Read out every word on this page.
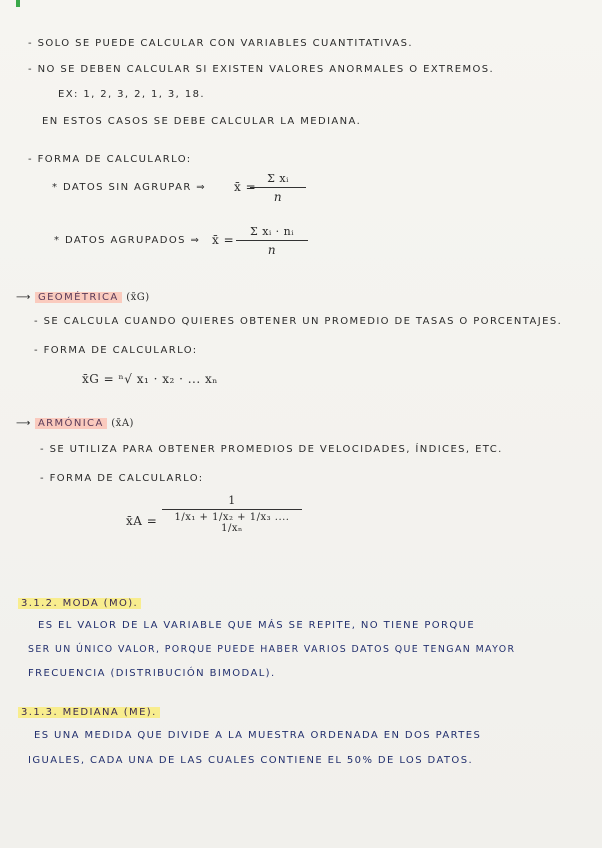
- SOLO SE PUEDE CALCULAR CON VARIABLES CUANTITATIVAS.
- NO SE DEBEN CALCULAR SI EXISTEN VALORES ANORMALES O EXTREMOS.
EX: 1, 2, 3, 2, 1, 3, 18.
EN ESTOS CASOS SE DEBE CALCULAR LA MEDIANA.
- FORMA DE CALCULARLO:
* DATOS SIN AGRUPAR ⇒ x̄ =
Σ xᵢ
n
* DATOS AGRUPADOS ⇒ x̄ =
Σ xᵢ · nᵢ
n
⟶ GEOMÉTRICA (x̄G)
- SE CALCULA CUANDO QUIERES OBTENER UN PROMEDIO DE TASAS O PORCENTAJES.
- FORMA DE CALCULARLO:
x̄G = ⁿ√ x₁ · x₂ · ... xₙ
⟶ ARMÓNICA (x̄A)
- SE UTILIZA PARA OBTENER PROMEDIOS DE VELOCIDADES, ÍNDICES, ETC.
- FORMA DE CALCULARLO:
x̄A =
1
1/x₁ + 1/x₂ + 1/x₃ .... 1/xₙ
3.1.2. MODA (MO).
ES EL VALOR DE LA VARIABLE QUE MÁS SE REPITE, NO TIENE PORQUE
SER UN ÚNICO VALOR, PORQUE PUEDE HABER VARIOS DATOS QUE TENGAN MAYOR
FRECUENCIA (DISTRIBUCIÓN BIMODAL).
3.1.3. MEDIANA (ME).
ES UNA MEDIDA QUE DIVIDE A LA MUESTRA ORDENADA EN DOS PARTES
IGUALES, CADA UNA DE LAS CUALES CONTIENE EL 50% DE LOS DATOS.
